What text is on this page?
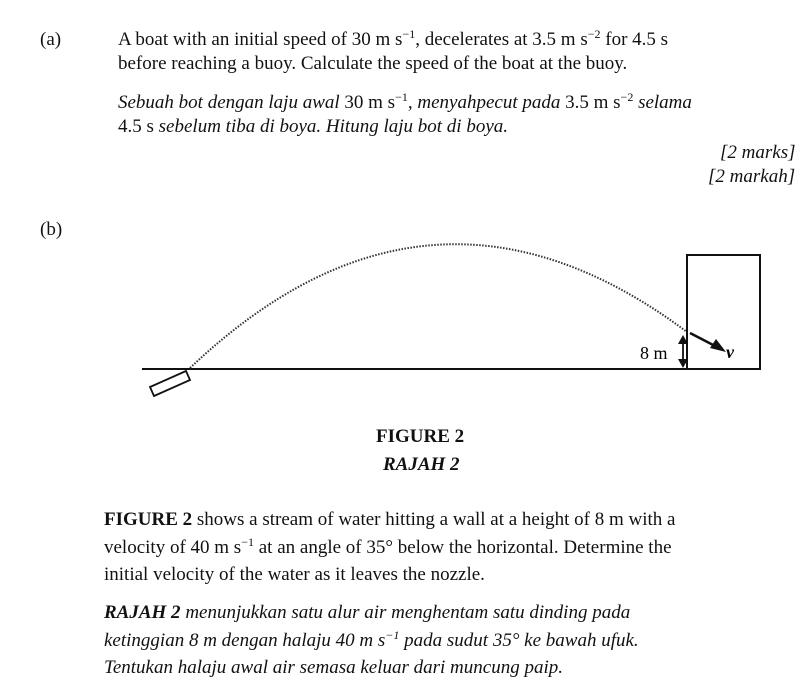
(a)	A boat with an initial speed of 30 m $s^{-1}$, decelerates at 3.5 m $s^{-2}$ for 4.5 s
before reaching a buoy. Calculate the speed of the boat at the buoy.
Sebuah bot dengan laju awal 30 m $s^{-1}$, menyahpecut pada 3.5 m $s^{-2}$ selama
4.5 s sebelum tiba di boya. Hitung laju bot di boya.
[2 marks]
[2 markah]
(b)
8 m	v
FIGURE 2
RAJAH 2
FIGURE 2 shows a stream of water hitting a wall at a height of 8 m with a
velocity of 40 m $s^{-1}$ at an angle of 35° below the horizontal. Determine the
initial velocity of the water as it leaves the nozzle.
RAJAH 2 menunjukkan satu alur air menghentam satu dinding pada
ketinggian 8 m dengan halaju 40 m $s^{-1}$ pada sudut 35° ke bawah ufuk.
Tentukan halaju awal air semasa keluar dari muncung paip.
